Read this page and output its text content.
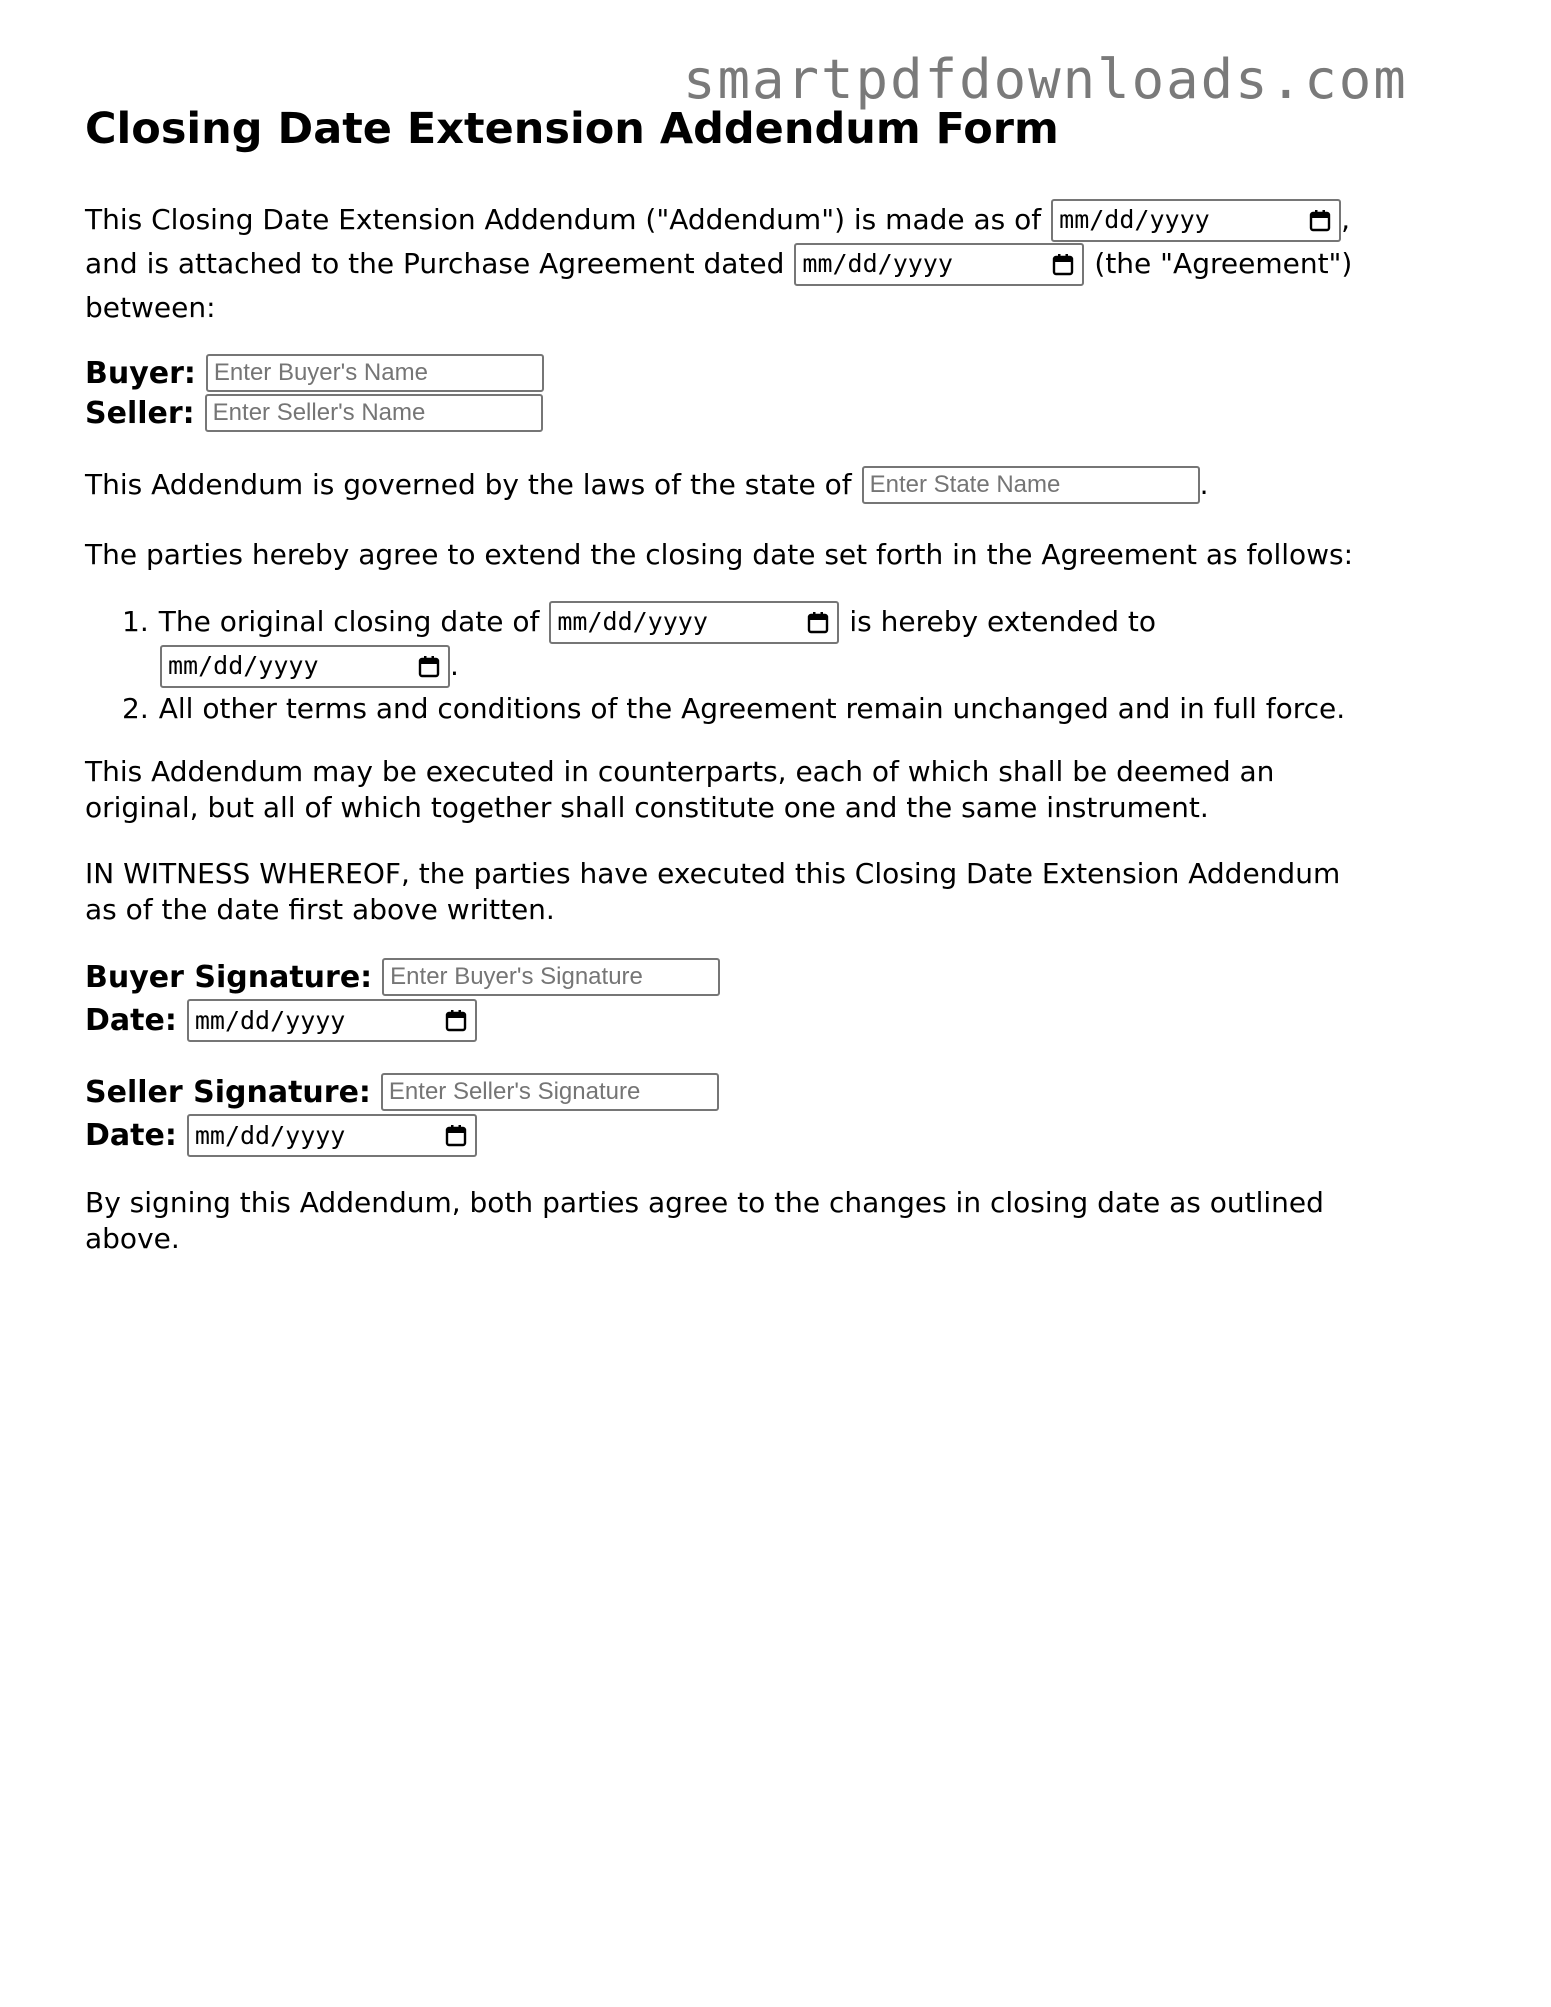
smartpdfdownloads.com
Closing Date Extension Addendum Form
This Closing Date Extension Addendum ("Addendum") is made as of mm/dd/yyyy	,
and is attached to the Purchase Agreement dated mm/dd/yyyy	(the "Agreement")
between:
Buyer: Enter Buyer's Name
Seller: Enter Seller's Name
This Addendum is governed by the laws of the state of Enter State Name	.
The parties hereby agree to extend the closing date set forth in the Agreement as follows:
1. The original closing date of mm/dd/yyyy	is hereby extended to
mm/dd/yyyy	.
2. All other terms and conditions of the Agreement remain unchanged and in full force.
This Addendum may be executed in counterparts, each of which shall be deemed an
original, but all of which together shall constitute one and the same instrument.
IN WITNESS WHEREOF, the parties have executed this Closing Date Extension Addendum
as of the date first above written.
Buyer Signature: Enter Buyer's Signature
Date: mm/dd/yyyy
Seller Signature: Enter Seller's Signature
Date: mm/dd/yyyy
By signing this Addendum, both parties agree to the changes in closing date as outlined
above.
